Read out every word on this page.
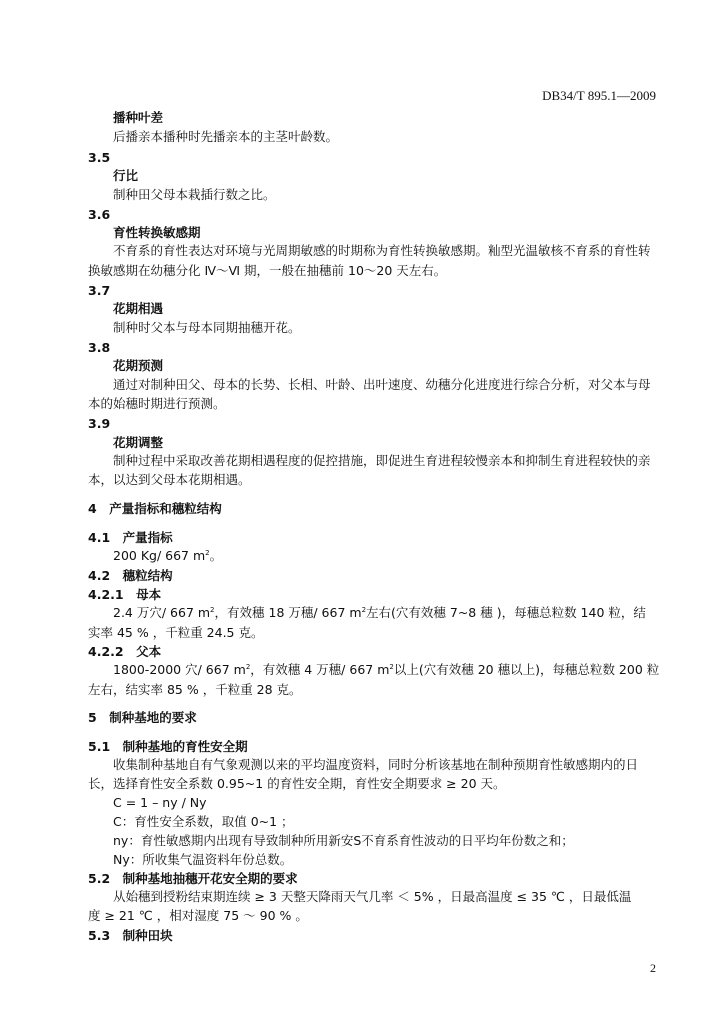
DB34/T 895.1—2009
播种叶差
后播亲本播种时先播亲本的主茎叶龄数。
3.5
行比
制种田父母本栽插行数之比。
3.6
育性转换敏感期
不育系的育性表达对环境与光周期敏感的时期称为育性转换敏感期。籼型光温敏核不育系的育性转
换敏感期在幼穗分化 Ⅳ～Ⅵ 期，一般在抽穗前 10～20 天左右。
3.7
花期相遇
制种时父本与母本同期抽穗开花。
3.8
花期预测
通过对制种田父、母本的长势、长相、叶龄、出叶速度、幼穗分化进度进行综合分析，对父本与母
本的始穗时期进行预测。
3.9
花期调整
制种过程中采取改善花期相遇程度的促控措施，即促进生育进程较慢亲本和抑制生育进程较快的亲
本，以达到父母本花期相遇。
4　产量指标和穗粒结构
4.1　产量指标
200 Kg/ 667 $m^2$。
4.2　穗粒结构
4.2.1　母本
2.4 万穴/ 667 $m^2$，有效穗 18 万穗/ 667 $m^2$左右(穴有效穗 7~8 穗 )，每穗总粒数 140 粒，结
实率 45 % ，千粒重 24.5 克。
4.2.2　父本
1800-2000 穴/ 667 $m^2$，有效穗 4 万穗/ 667 $m^2$以上(穴有效穗 20 穗以上)，每穗总粒数 200 粒
左右，结实率 85 % ，千粒重 28 克。
5　制种基地的要求
5.1　制种基地的育性安全期
收集制种基地自有气象观测以来的平均温度资料，同时分析该基地在制种预期育性敏感期内的日
长，选择育性安全系数 0.95~1 的育性安全期，育性安全期要求 ≥ 20 天。
C = 1 – ny / Ny
C：育性安全系数，取值 0~1 ；
ny：育性敏感期内出现有导致制种所用新安S不育系育性波动的日平均年份数之和；
Ny：所收集气温资料年份总数。
5.2　制种基地抽穗开花安全期的要求
从始穗到授粉结束期连续 ≥ 3 天整天降雨天气几率 ＜ 5% ，日最高温度 ≤ 35 ℃ ，日最低温
度 ≥ 21 ℃ ，相对湿度 75 ～ 90 % 。
5.3　制种田块
2
